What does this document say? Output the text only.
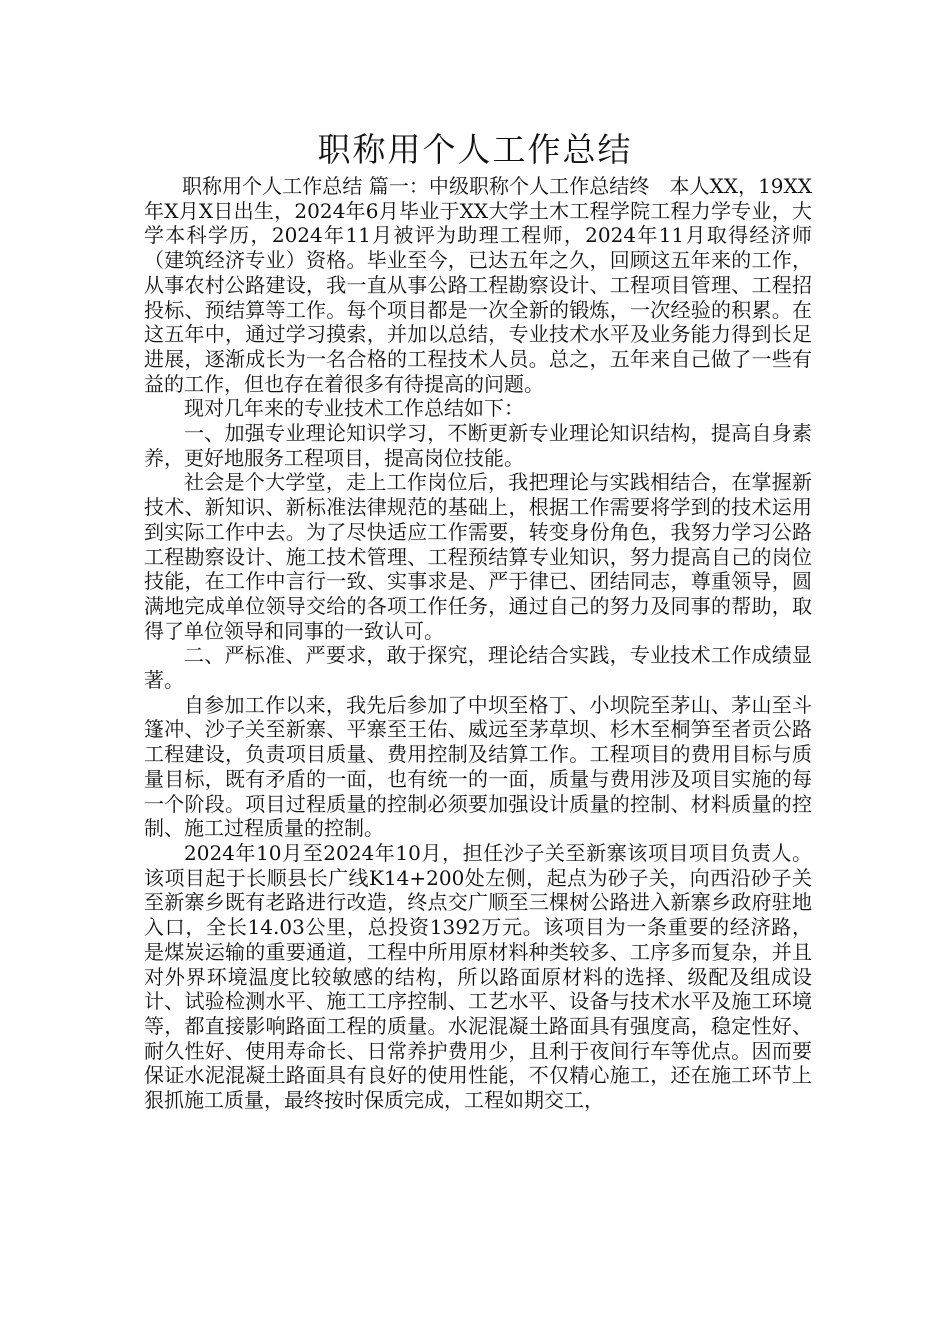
职称用个人工作总结

职称用个人工作总结 篇一：中级职称个人工作总结终　本人XX，19XX年X月X日出生，2024年6月毕业于XX大学土木工程学院工程力学专业，大学本科学历，2024年11月被评为助理工程师，2024年11月取得经济师（建筑经济专业）资格。毕业至今，已达五年之久，回顾这五年来的工作，从事农村公路建设，我一直从事公路工程勘察设计、工程项目管理、工程招投标、预结算等工作。每个项目都是一次全新的锻炼，一次经验的积累。在这五年中，通过学习摸索，并加以总结，专业技术水平及业务能力得到长足进展，逐渐成长为一名合格的工程技术人员。总之，五年来自己做了一些有益的工作，但也存在着很多有待提高的问题。

现对几年来的专业技术工作总结如下：

一、加强专业理论知识学习，不断更新专业理论知识结构，提高自身素养，更好地服务工程项目，提高岗位技能。

社会是个大学堂，走上工作岗位后，我把理论与实践相结合，在掌握新技术、新知识、新标准法律规范的基础上，根据工作需要将学到的技术运用到实际工作中去。为了尽快适应工作需要，转变身份角色，我努力学习公路工程勘察设计、施工技术管理、工程预结算专业知识，努力提高自己的岗位技能，在工作中言行一致、实事求是、严于律已、团结同志，尊重领导，圆满地完成单位领导交给的各项工作任务，通过自己的努力及同事的帮助，取得了单位领导和同事的一致认可。

二、严标准、严要求，敢于探究，理论结合实践，专业技术工作成绩显著。

自参加工作以来，我先后参加了中坝至格丁、小坝院至茅山、茅山至斗篷冲、沙子关至新寨、平寨至王佑、威远至茅草坝、杉木至桐笋至者贡公路工程建设，负责项目质量、费用控制及结算工作。工程项目的费用目标与质量目标，既有矛盾的一面，也有统一的一面，质量与费用涉及项目实施的每一个阶段。项目过程质量的控制必须要加强设计质量的控制、材料质量的控制、施工过程质量的控制。

2024年10月至2024年10月，担任沙子关至新寨该项目项目负责人。该项目起于长顺县长广线K14+200处左侧，起点为砂子关，向西沿砂子关至新寨乡既有老路进行改造，终点交广顺至三棵树公路进入新寨乡政府驻地入口，全长14.03公里，总投资1392万元。该项目为一条重要的经济路，是煤炭运输的重要通道，工程中所用原材料种类较多、工序多而复杂，并且对外界环境温度比较敏感的结构，所以路面原材料的选择、级配及组成设计、试验检测水平、施工工序控制、工艺水平、设备与技术水平及施工环境等，都直接影响路面工程的质量。水泥混凝土路面具有强度高，稳定性好、耐久性好、使用寿命长、日常养护费用少，且利于夜间行车等优点。因而要保证水泥混凝土路面具有良好的使用性能，不仅精心施工，还在施工环节上狠抓施工质量，最终按时保质完成，工程如期交工，
